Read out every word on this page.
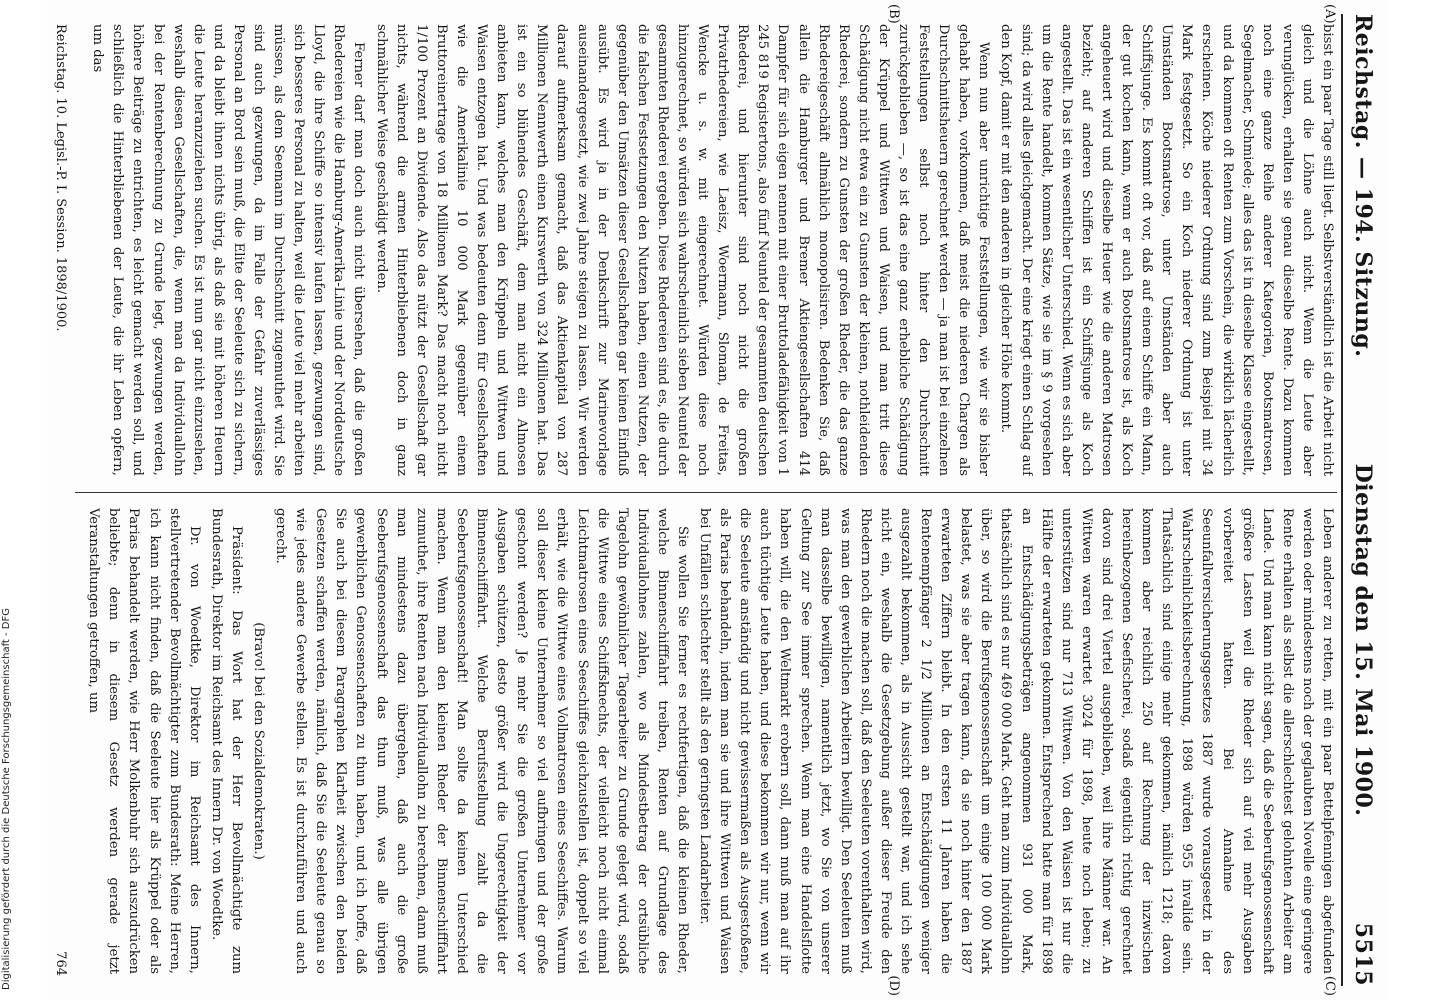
Reichstag. — 194. Sitzung.
Dienstag den 15. Mai 1900.
5515
(A)
(B)
(C)
(D)

bisst ein paar Tage still liegt. Selbstverständlich ist die Arbeit nicht gleich und die Löhne auch nicht. Wenn die Leute aber verunglücken, erhalten sie genau dieselbe Rente. Dazu kommen noch eine ganze Reihe anderer Kategorien, Bootsmatrosen, Segelmacher, Schmiede; alles das ist in dieselbe Klasse eingestellt, und da kommen oft Renten zum Vorschein, die wirklich lächerlich erscheinen. Köche niederer Ordnung sind zum Beispiel mit 34 Mark festgesetzt. So ein Koch niederer Ordnung ist unter Umständen Bootsmatrose, unter Umständen aber auch Schiffsjunge. Es kommt oft vor, daß auf einem Schiffe ein Mann, der gut kochen kann, wenn er auch Bootsmatrose ist, als Koch angeheuert wird und dieselbe Heuer wie die anderen Matrosen bezieht; auf anderen Schiffen ist ein Schiffsjunge als Koch angestellt. Das ist ein wesentlicher Unterschied. Wenn es sich aber um die Rente handelt, kommen Sätze, wie sie im § 9 vorgesehen sind; da wird alles gleichgemacht. Der eine kriegt einen Schlag auf den Kopf, damit er mit den anderen in gleicher Höhe kommt.

Wenn nun aber unrichtige Feststellungen, wie wir sie bisher gehabt haben, vorkommen, daß meist die niederen Chargen als Durchschnittsheuern gerechnet werden — ja man ist bei einzelnen Feststellungen selbst noch hinter den Durchschnitt zurückgeblieben —, so ist das eine ganz erhebliche Schädigung der Krüppel und Wittwen und Waisen, und man tritt diese Schädigung nicht etwa ein zu Gunsten der kleinen, nothleidenden Rhederei, sondern zu Gunsten der großen Rheder, die das ganze Rhedereigeschäft allmählich monopolisiren. Bedenken Sie, daß allein die Hamburger und Bremer Aktiengesellschaften 414 Dampfer für sich eigen nennen mit einer Bruttoladefähigkeit von 1 245 819 Registertons, also fünf Neuntel der gesammten deutschen Rhederei, und hierunter sind noch nicht die großen Privatrhedereien, wie Laeisz, Woermann, Sloman, de Freitas, Wencke u. s. w. mit eingerechnet. Würden diese noch hinzugerechnet, so würden sich wahrscheinlich sieben Neuntel der gesammten Rhederei ergeben. Diese Rhedereien sind es, die durch die falschen Festsetzungen den Nutzen haben, einen Nutzen, der gegenüber den Umsätzen dieser Gesellschaften gar keinen Einfluß ausübt. Es wird ja in der Denkschrift zur Marinevorlage auseinandergesetzt, wie zwei Jahre steigen zu lassen. Wir werden darauf aufmerksam gemacht, daß das Aktienkapital von 287 Millionen Nennwerth einen Kurswerth von 324 Millionen hat. Das ist ein so blühendes Geschäft, dem man nicht ein Almosen anbieten kann, welches man den Krüppeln und Wittwen und Waisen entzogen hat. Und was bedeuten denn für Gesellschaften wie die Amerikalinie 10 000 Mark gegenüber einem Bruttoreinertrage von 18 Millionen Mark? Das macht noch nicht 1/100 Prozent an Dividende. Also das nützt der Gesellschaft gar nichts, während die armen Hinterbliebenen doch in ganz schmählicher Weise geschädigt werden.

Ferner darf man doch auch nicht übersehen, daß die großen Rhedereien wie die Hamburg-Amerika-Linie und der Norddeutsche Lloyd, die ihre Schiffe so intensiv laufen lassen, gezwungen sind, sich besseres Personal zu halten, weil die Leute viel mehr arbeiten müssen, als dem Seemann im Durchschnitt zugemuthet wird. Sie sind auch gezwungen, da im Falle der Gefahr zuverlässiges Personal an Bord sein muß, die Elite der Seeleute sich zu sichern, und da bleibt ihnen nichts übrig, als daß sie mit höheren Heuern die Leute heranzuziehen suchen. Es ist nun gar nicht einzusehen, weshalb diesen Gesellschaften, die, wenn man da Individuallohn bei der Rentenberechnung zu Grunde legt, gezwungen werden, höhere Beiträge zu entrichten, es leicht gemacht werden soll, und schließlich die Hinterbliebenen der Leute, die ihr Leben opfern, um das

Leben anderer zu retten, mit ein paar Bettelpfennigen abgefunden werden oder mindestens noch der geglaubten Novelle eine geringere Rente erhalten als selbst die allerschlechtest gelohnten Arbeiter am Lande. Und man kann nicht sagen, daß die Seeberufsgenossenschaft größere Lasten weil die Rheder sich auf viel mehr Ausgaben vorbereitet hatten. Bei Annahme des Seeunfallversicherungsgesetzes 1887 wurde vorausgesetzt in der Wahrscheinlichkeitsberechnung, 1898 würden 955 invalide sein. Thatsächlich sind einige mehr gekommen, nämlich 1218; davon kommen aber reichlich 250 auf Rechnung der inzwischen hereinbezogenen Seefischerei, sodaß eigentlich richtig gerechnet davon sind drei Viertel ausgeblieben, weil ihre Männer war. An Wittwen waren erwartet 3024 für 1898, heute noch leben; zu unterstützen sind nur 713 Wittwen. Von den Waisen ist nur die Hälfte der erwarteten gekommen. Entsprechend hatte man für 1898 an Entschädigungsbeträgen angenommen 931 000 Mark, thatsächlich sind es nur 469 000 Mark. Geht man zum Individuallohn über, so wird die Berufsgenossenschaft um einige 100 000 Mark belastet, was sie aber tragen kann, da sie noch hinter den 1887 erwarteten Ziffern bleibt. In den ersten 11 Jahren haben die Rentenempfänger 2 1/2 Millionen an Entschädigungen weniger ausgezahlt bekommen, als in Aussicht gestellt war, und ich sehe nicht ein, weshalb die Gesetzgebung außer dieser Freude den Rhedern noch die machen soll, daß den Seeleuten vorenthalten wird, was man den gewerblichen Arbeitern bewilligt. Den Seeleuten muß man dasselbe bewilligen, namentlich jetzt, wo Sie von unserer Geltung zur See immer sprechen. Wenn man eine Handelsflotte haben will, die den Weltmarkt erobern soll, dann muß man auf ihr auch tüchtige Leute haben, und diese bekommen wir nur, wenn wir die Seeleute anständig und nicht gewissermaßen als Ausgestoßene, als Parias behandeln, indem man sie und ihre Wittwen und Waisen bei Unfällen schlechter stellt als den geringsten Landarbeiter.

Sie wollen Sie ferner es rechtfertigen, daß die kleinen Rheder, welche Binnenschifffahrt treiben, Renten auf Grundlage des Individuallohnes zahlen, wo als Mindestbetrag der ortsübliche Tagelohn gewöhnlicher Tagearbeiter zu Grunde gelegt wird, sodaß die Wittwe eines Schiffsknechts, der vielleicht noch nicht einmal Leichtmatrosen eines Seeschiffes gleichzustellen ist, doppelt so viel erhält, wie die Wittwe eines Vollmatrosen eines Seeschiffes. Warum soll dieser kleine Unternehmer so viel aufbringen und der große geschont werden? Je mehr Sie die großen Unternehmer vor Ausgaben schützen, desto größer wird die Ungerechtigkeit der Binnenschifffahrt. Welche Berufsstellung zahlt da die Seeberufsgenossenschaft! Man sollte da keinen Unterschied machen. Wenn man den kleinen Rheder der Binnenschifffahrt zumuthet, ihre Renten nach Individuallohn zu berechnen, dann muß man mindestens dazu übergehen, daß auch die große Seeberufsgenossenschaft das thun muß, was alle übrigen gewerblichen Genossenschaften zu thun haben, und ich hoffe, daß Sie auch bei diesem Paragraphen Klarheit zwischen den beiden Gesetzen schaffen werden, nämlich, daß Sie die Seeleute genau so wie jedes andere Gewerbe stellen. Es ist durchzuführen und auch gerecht.

(Bravo! bei den Sozialdemokraten.)

Präsident: Das Wort hat der Herr Bevollmächtigte zum Bundesrath, Direktor im Reichsamt des Innern Dr. von Woedtke.

Dr. von Woedtke, Direktor im Reichsamt des Innern, stellvertretender Bevollmächtigter zum Bundesrath: Meine Herren, ich kann nicht finden, daß die Seeleute hier als Krüppel oder als Parias behandelt werden, wie Herr Molkenbuhr sich auszudrücken beliebte; denn in diesem Gesetz werden gerade jetzt Veranstaltungen getroffen, um

Reichstag. 10. Legisl.-P. I. Session. 1898/1900.
764
Digitalisierung gefördert durch die Deutsche Forschungsgemeinschaft - DFG
